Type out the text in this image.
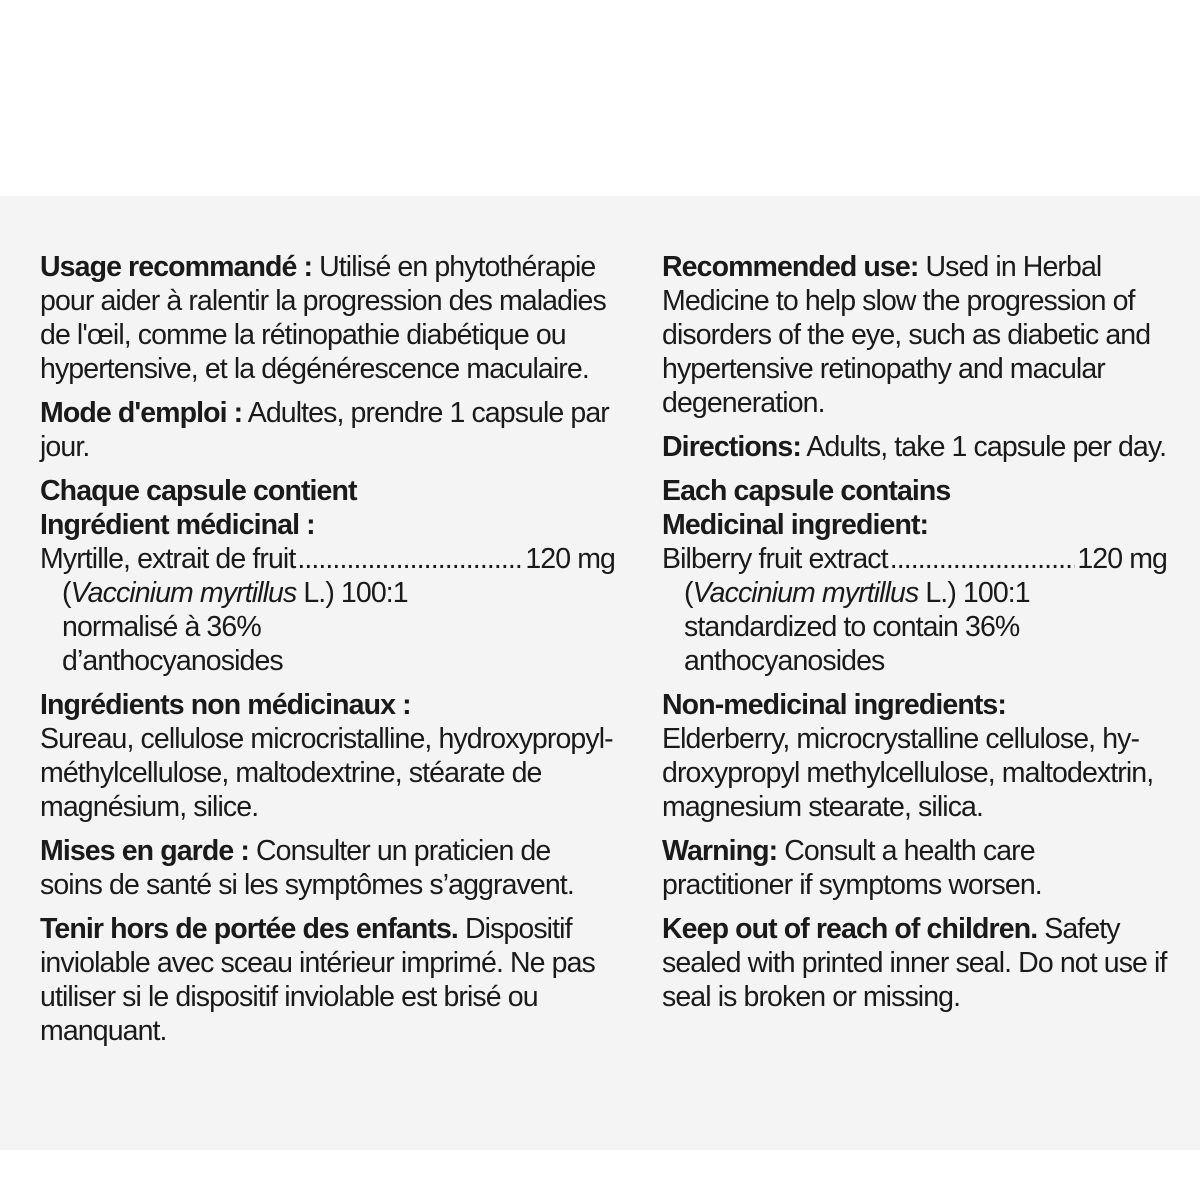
Usage recommandé : Utilisé en phytothérapie pour aider à ralentir la progression des maladies de l'œil, comme la rétinopathie diabétique ou hypertensive, et la dégénérescence maculaire.

Mode d'emploi : Adultes, prendre 1 capsule par jour.

Chaque capsule contient
Ingrédient médicinal :
Myrtille, extrait de fruit .....	120 mg
(Vaccinium myrtillus L.) 100:1
normalisé à 36%
d’anthocyanosides

Ingrédients non médicinaux :
Sureau, cellulose microcristalline, hydroxypropyl-méthylcellulose, maltodextrine, stéarate de magnésium, silice.

Mises en garde : Consulter un praticien de soins de santé si les symptômes s’aggravent.

Tenir hors de portée des enfants. Dispositif inviolable avec sceau intérieur imprimé. Ne pas utiliser si le dispositif inviolable est brisé ou manquant.

Recommended use: Used in Herbal Medicine to help slow the progression of disorders of the eye, such as diabetic and hypertensive retinopathy and macular degeneration.

Directions: Adults, take 1 capsule per day.

Each capsule contains
Medicinal ingredient:
Bilberry fruit extract .....	120 mg
(Vaccinium myrtillus L.) 100:1
standardized to contain 36%
anthocyanosides

Non-medicinal ingredients:
Elderberry, microcrystalline cellulose, hy-droxypropyl methylcellulose, maltodextrin, magnesium stearate, silica.

Warning: Consult a health care practitioner if symptoms worsen.

Keep out of reach of children. Safety sealed with printed inner seal. Do not use if seal is broken or missing.
